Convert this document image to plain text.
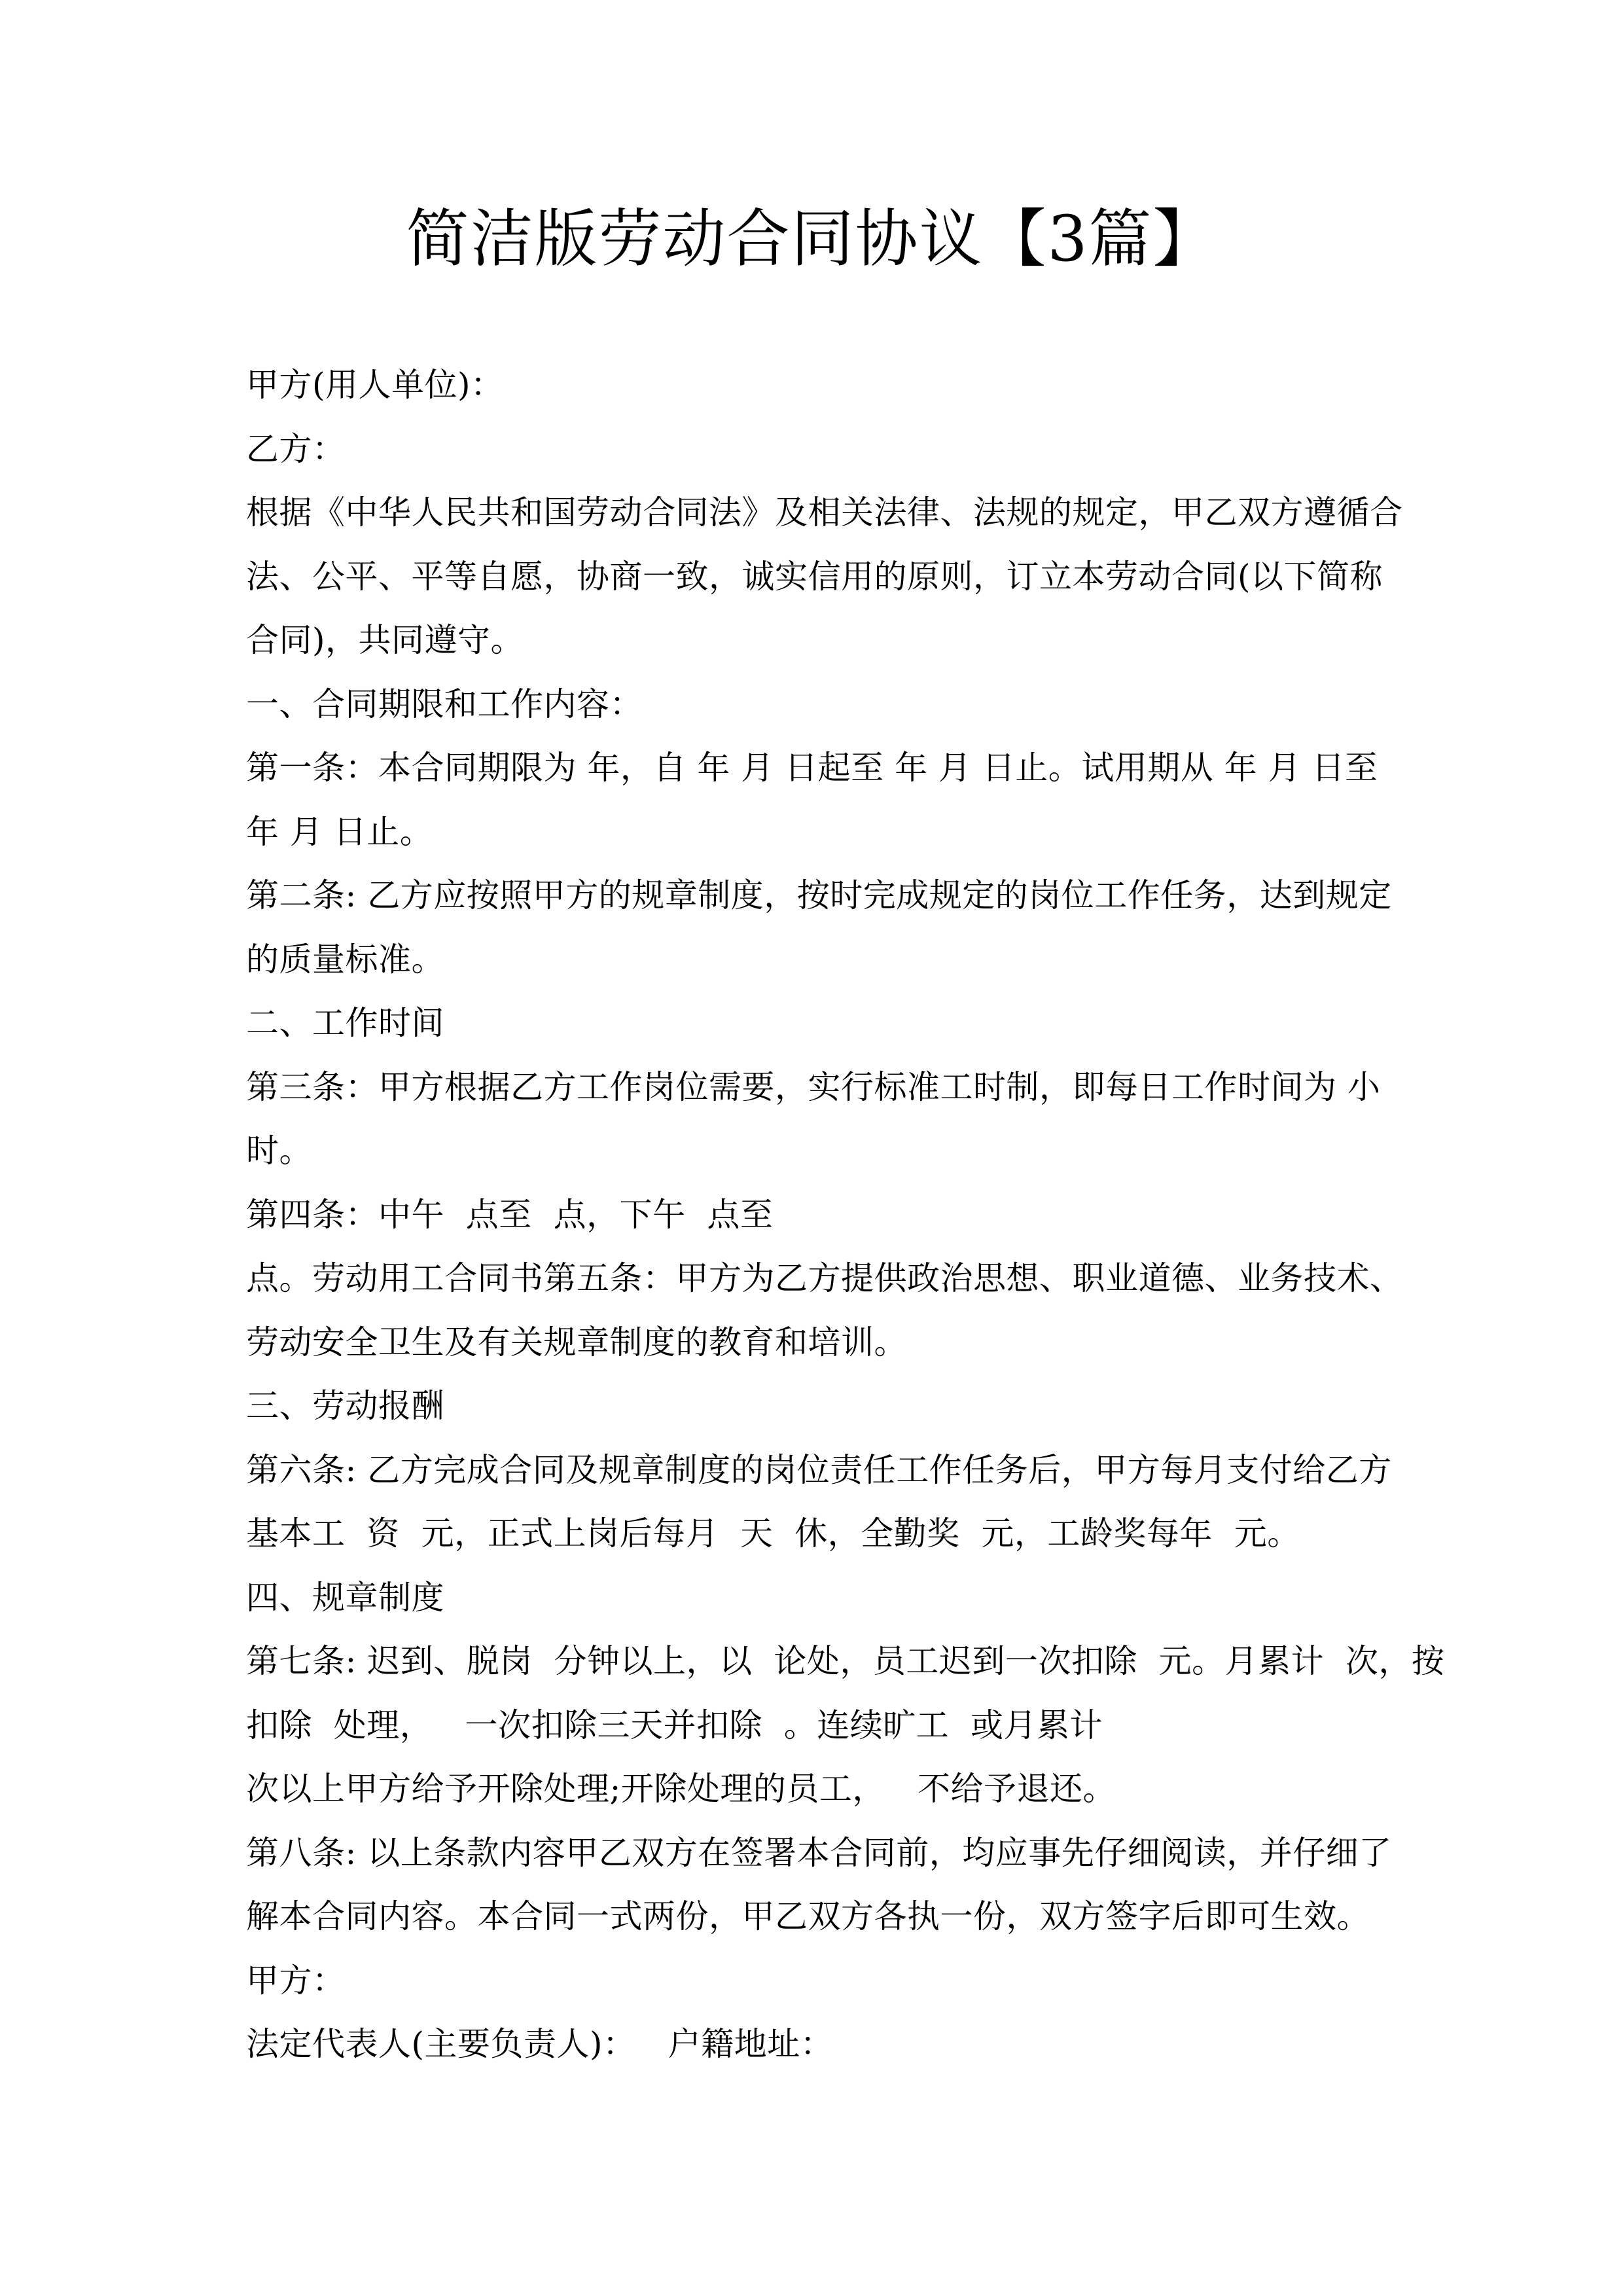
简洁版劳动合同协议【3篇】
甲方(用人单位)：
乙方：
根据《中华人民共和国劳动合同法》及相关法律、法规的规定，甲乙双方遵循合
法、公平、平等自愿，协商一致，诚实信用的原则，订立本劳动合同(以下简称
合同)，共同遵守。
一、合同期限和工作内容：
第一条：本合同期限为 年，自 年 月 日起至 年 月 日止。试用期从 年 月 日至
年 月 日止。
第二条: 乙方应按照甲方的规章制度，按时完成规定的岗位工作任务，达到规定
的质量标准。
二、工作时间
第三条：甲方根据乙方工作岗位需要，实行标准工时制，即每日工作时间为 小
时。
第四条：中午  点至  点，下午  点至
点。劳动用工合同书第五条：甲方为乙方提供政治思想、职业道德、业务技术、
劳动安全卫生及有关规章制度的教育和培训。
三、劳动报酬
第六条: 乙方完成合同及规章制度的岗位责任工作任务后，甲方每月支付给乙方
基本工  资  元，正式上岗后每月  天  休，全勤奖  元，工龄奖每年  元。
四、规章制度
第七条: 迟到、脱岗  分钟以上，以  论处，员工迟到一次扣除  元。月累计  次，按
扣除  处理，   一次扣除三天并扣除  。连续旷工  或月累计
次以上甲方给予开除处理;开除处理的员工，   不给予退还。
第八条: 以上条款内容甲乙双方在签署本合同前，均应事先仔细阅读，并仔细了
解本合同内容。本合同一式两份，甲乙双方各执一份，双方签字后即可生效。
甲方：
法定代表人(主要负责人)：   户籍地址：
